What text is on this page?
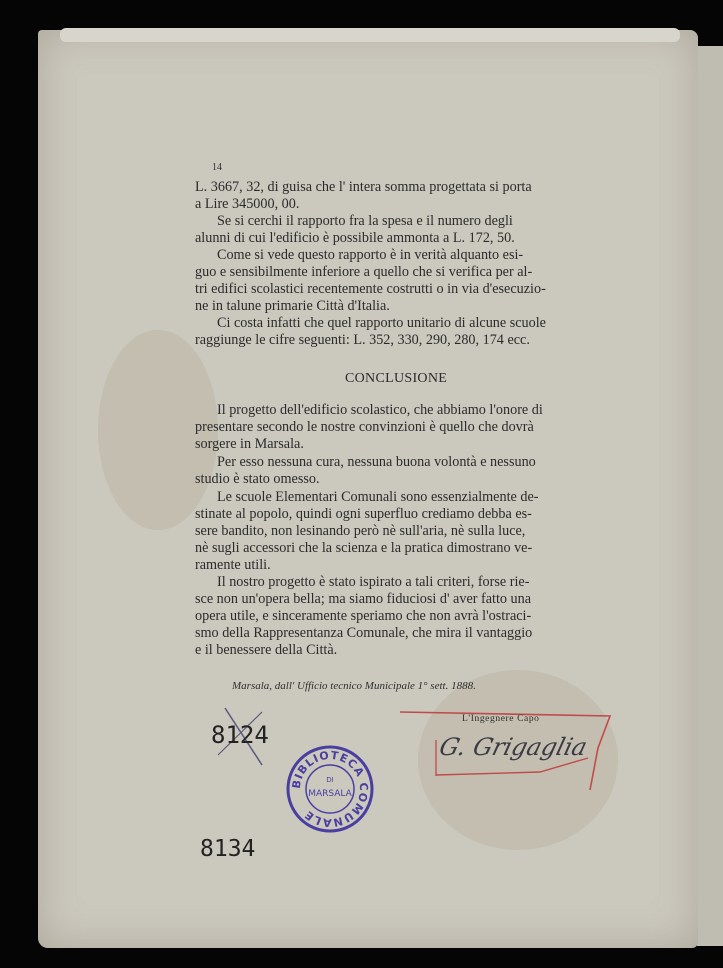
14
L. 3667, 32, di guisa che l' intera somma progettata si porta
a Lire 345000, 00.
Se si cerchi il rapporto fra la spesa e il numero degli
alunni di cui l'edificio è possibile ammonta a L. 172, 50.
Come si vede questo rapporto è in verità alquanto esi-
guo e sensibilmente inferiore a quello che si verifica per al-
tri edifici scolastici recentemente costrutti o in via d'esecuzio-
ne in talune primarie Città d'Italia.
Ci costa infatti che quel rapporto unitario di alcune scuole
raggiunge le cifre seguenti: L. 352, 330, 290, 280, 174 ecc.
CONCLUSIONE
Il progetto dell'edificio scolastico, che abbiamo l'onore di
presentare secondo le nostre convinzioni è quello che dovrà
sorgere in Marsala.
Per esso nessuna cura, nessuna buona volontà e nessuno
studio è stato omesso.
Le scuole Elementari Comunali sono essenzialmente de-
stinate al popolo, quindi ogni superfluo crediamo debba es-
sere bandito, non lesinando però nè sull'aria, nè sulla luce,
nè sugli accessori che la scienza e la pratica dimostrano ve-
ramente utili.
Il nostro progetto è stato ispirato a tali criteri, forse rie-
sce non un'opera bella; ma siamo fiduciosi d' aver fatto una
opera utile, e sinceramente speriamo che non avrà l'ostraci-
smo della Rappresentanza Comunale, che mira il vantaggio
e il benessere della Città.
Marsala, dall' Ufficio tecnico Municipale 1° sett. 1888.
L'Ingegnere Capo
G. Grigaglia
8124
8134
BIBLIOTECA COMUNALE
DI
MARSALA
